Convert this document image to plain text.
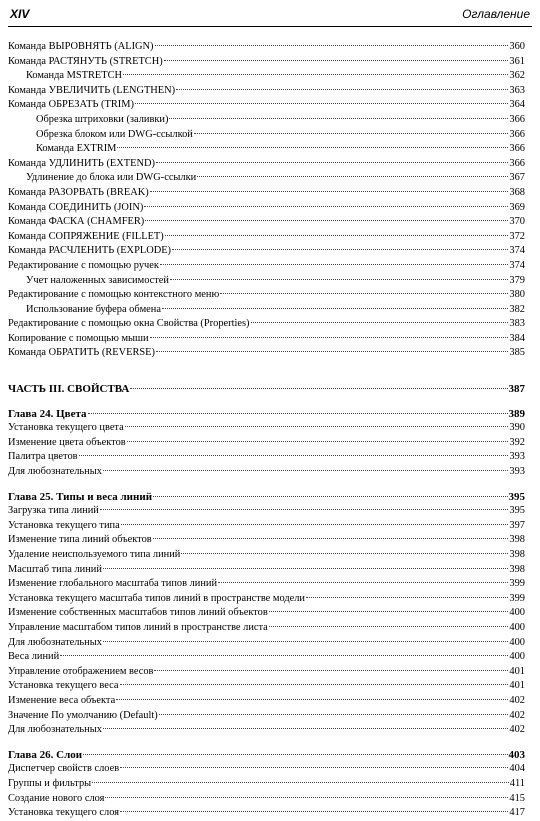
XIV	Оглавление
Команда ВЫРОВНЯТЬ (ALIGN)	360
Команда РАСТЯНУТЬ (STRETCH)	361
Команда MSTRETCH	362
Команда УВЕЛИЧИТЬ (LENGTHEN)	363
Команда ОБРЕЗАТЬ (TRIM)	364
Обрезка штриховки (заливки)	366
Обрезка блоком или DWG-ссылкой	366
Команда EXTRIM	366
Команда УДЛИНИТЬ (EXTEND)	366
Удлинение до блока или DWG-ссылки	367
Команда РАЗОРВАТЬ (BREAK)	368
Команда СОЕДИНИТЬ (JOIN)	369
Команда ФАСКА (CHAMFER)	370
Команда СОПРЯЖЕНИЕ (FILLET)	372
Команда РАСЧЛЕНИТЬ (EXPLODE)	374
Редактирование с помощью ручек	374
Учет наложенных зависимостей	379
Редактирование с помощью контекстного меню	380
Использование буфера обмена	382
Редактирование с помощью окна Свойства (Properties)	383
Копирование с помощью мыши	384
Команда ОБРАТИТЬ (REVERSE)	385
ЧАСТЬ III. СВОЙСТВА	387
Глава 24. Цвета	389
Установка текущего цвета	390
Изменение цвета объектов	392
Палитра цветов	393
Для любознательных	393
Глава 25. Типы и веса линий	395
Загрузка типа линий	395
Установка текущего типа	397
Изменение типа линий объектов	398
Удаление неиспользуемого типа линий	398
Масштаб типа линий	398
Изменение глобального масштаба типов линий	399
Установка текущего масштаба типов линий в пространстве модели	399
Изменение собственных масштабов типов линий объектов	400
Управление масштабом типов линий в пространстве листа	400
Для любознательных	400
Веса линий	400
Управление отображением весов	401
Установка текущего веса	401
Изменение веса объекта	402
Значение По умолчанию (Default)	402
Для любознательных	402
Глава 26. Слои	403
Диспетчер свойств слоев	404
Группы и фильтры	411
Создание нового слоя	415
Установка текущего слоя	417
